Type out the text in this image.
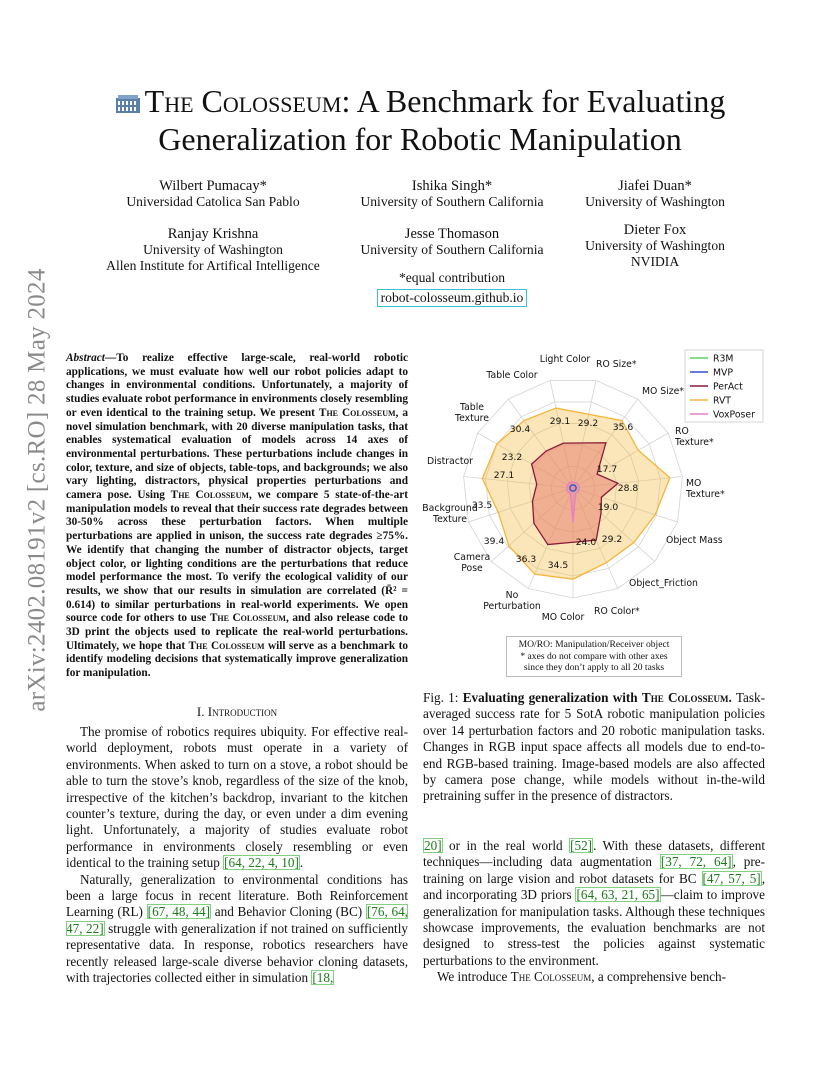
arXiv:2402.08191v2 [cs.RO] 28 May 2024
The Colosseum: A Benchmark for Evaluating
Generalization for Robotic Manipulation
Wilbert Pumacay*
Universidad Catolica San Pablo
Ishika Singh*
University of Southern California
Jiafei Duan*
University of Washington
Ranjay Krishna
University of Washington
Allen Institute for Artifical Intelligence
Jesse Thomason
University of Southern California
Dieter Fox
University of Washington
NVIDIA
*equal contribution
robot-colosseum.github.io
Abstract—To realize effective large-scale, real-world robotic applications, we must evaluate how well our robot policies adapt to changes in environmental conditions. Unfortunately, a majority of studies evaluate robot performance in environments closely resembling or even identical to the training setup. We present The Colosseum, a novel simulation benchmark, with 20 diverse manipulation tasks, that enables systematical evaluation of models across 14 axes of environmental perturbations. These perturbations include changes in color, texture, and size of objects, table-tops, and backgrounds; we also vary lighting, distractors, physical properties perturbations and camera pose. Using The Colosseum, we compare 5 state-of-the-art manipulation models to reveal that their success rate degrades between 30-50% across these perturbation factors. When multiple perturbations are applied in unison, the success rate degrades ≥75%. We identify that changing the number of distractor objects, target object color, or lighting conditions are the perturbations that reduce model performance the most. To verify the ecological validity of our results, we show that our results in simulation are correlated (R̄² = 0.614) to similar perturbations in real-world experiments. We open source code for others to use The Colosseum, and also release code to 3D print the objects used to replicate the real-world perturbations. Ultimately, we hope that The Colosseum will serve as a benchmark to identify modeling decisions that systematically improve generalization for manipulation.
I. Introduction

The promise of robotics requires ubiquity. For effective real-world deployment, robots must operate in a variety of environments. When asked to turn on a stove, a robot should be able to turn the stove’s knob, regardless of the size of the knob, irrespective of the kitchen’s backdrop, invariant to the kitchen counter’s texture, during the day, or even under a dim evening light. Unfortunately, a majority of studies evaluate robot performance in environments closely resembling or even identical to the training setup [64, 22, 4, 10].

Naturally, generalization to environmental conditions has been a large focus in recent literature. Both Reinforcement Learning (RL) [67, 48, 44] and Behavior Cloning (BC) [76, 64, 47, 22] struggle with generalization if not trained on sufficiently representative data. In response, robotics researchers have recently released large-scale diverse behavior cloning datasets, with trajectories collected either in simulation [18,

Light Color RO Size*
Table Color
MO Size*
Table
Texture
RO
Texture*
Distractor
MO
Texture*
Background
Texture
Object Mass
Camera
Pose
Object_Friction
No
Perturbation
MO Color
RO Color*
35.6
17.7
28.8
19.0
29.2
24.0
34.5
36.3
39.4
33.5
27.1
23.2
30.4
29.1 29.2
R3M
MVP
PerAct
RVT
VoxPoser
MO/RO: Manipulation/Receiver object
* axes do not compare with other axes
since they don’t apply to all 20 tasks
Fig. 1: Evaluating generalization with The Colosseum. Task-averaged success rate for 5 SotA robotic manipulation policies over 14 perturbation factors and 20 robotic manipulation tasks. Changes in RGB input space affects all models due to end-to-end RGB-based training. Image-based models are also affected by camera pose change, while models without in-the-wild pretraining suffer in the presence of distractors.

20] or in the real world [52]. With these datasets, different techniques—including data augmentation [37, 72, 64], pre-training on large vision and robot datasets for BC [47, 57, 5], and incorporating 3D priors [64, 63, 21, 65]—claim to improve generalization for manipulation tasks. Although these techniques showcase improvements, the evaluation benchmarks are not designed to stress-test the policies against systematic perturbations to the environment.

We introduce The Colosseum, a comprehensive bench-
